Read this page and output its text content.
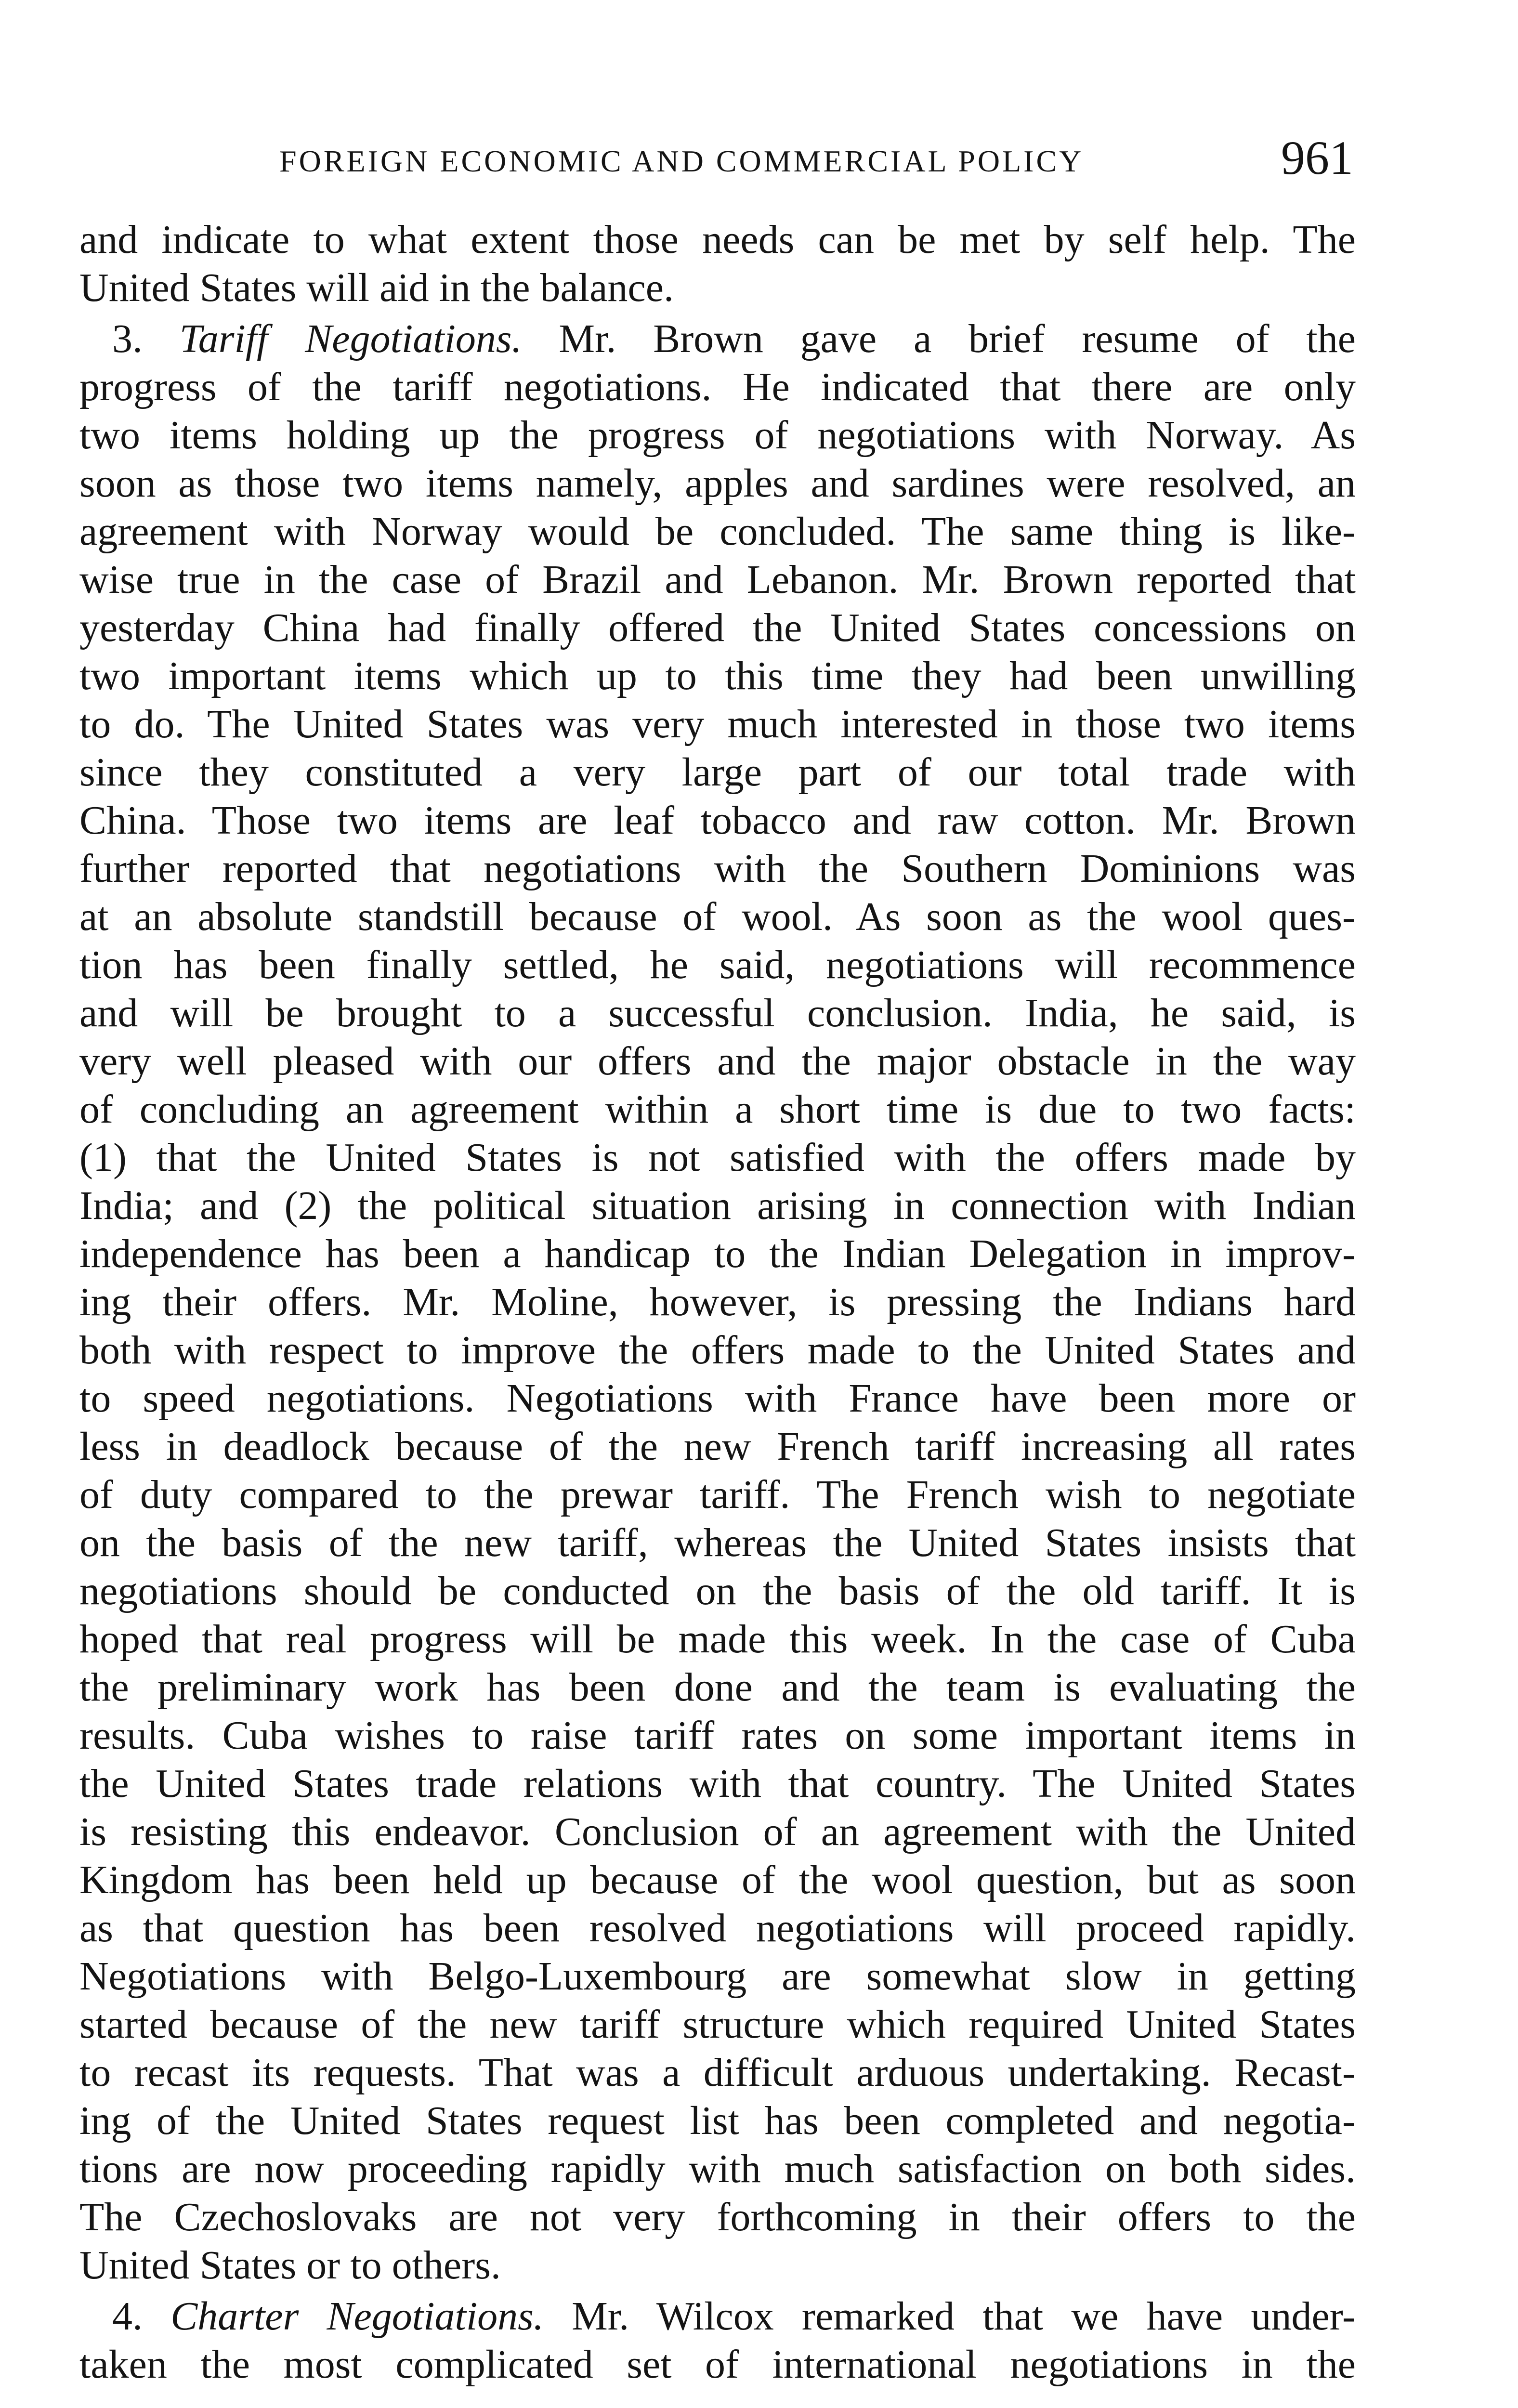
FOREIGN ECONOMIC AND COMMERCIAL POLICY	961
and indicate to what extent those needs can be met by self help. The
United States will aid in the balance.
3. Tariff Negotiations. Mr. Brown gave a brief resume of the
progress of the tariff negotiations. He indicated that there are only
two items holding up the progress of negotiations with Norway. As
soon as those two items namely, apples and sardines were resolved, an
agreement with Norway would be concluded. The same thing is like-
wise true in the case of Brazil and Lebanon. Mr. Brown reported that
yesterday China had finally offered the United States concessions on
two important items which up to this time they had been unwilling
to do. The United States was very much interested in those two items
since they constituted a very large part of our total trade with
China. Those two items are leaf tobacco and raw cotton. Mr. Brown
further reported that negotiations with the Southern Dominions was
at an absolute standstill because of wool. As soon as the wool ques-
tion has been finally settled, he said, negotiations will recommence
and will be brought to a successful conclusion. India, he said, is
very well pleased with our offers and the major obstacle in the way
of concluding an agreement within a short time is due to two facts:
(1) that the United States is not satisfied with the offers made by
India; and (2) the political situation arising in connection with Indian
independence has been a handicap to the Indian Delegation in improv-
ing their offers. Mr. Moline, however, is pressing the Indians hard
both with respect to improve the offers made to the United States and
to speed negotiations. Negotiations with France have been more or
less in deadlock because of the new French tariff increasing all rates
of duty compared to the prewar tariff. The French wish to negotiate
on the basis of the new tariff, whereas the United States insists that
negotiations should be conducted on the basis of the old tariff. It is
hoped that real progress will be made this week. In the case of Cuba
the preliminary work has been done and the team is evaluating the
results. Cuba wishes to raise tariff rates on some important items in
the United States trade relations with that country. The United States
is resisting this endeavor. Conclusion of an agreement with the United
Kingdom has been held up because of the wool question, but as soon
as that question has been resolved negotiations will proceed rapidly.
Negotiations with Belgo-Luxembourg are somewhat slow in getting
started because of the new tariff structure which required United States
to recast its requests. That was a difficult arduous undertaking. Recast-
ing of the United States request list has been completed and negotia-
tions are now proceeding rapidly with much satisfaction on both sides.
The Czechoslovaks are not very forthcoming in their offers to the
United States or to others.
4. Charter Negotiations. Mr. Wilcox remarked that we have under-
taken the most complicated set of international negotiations in the
